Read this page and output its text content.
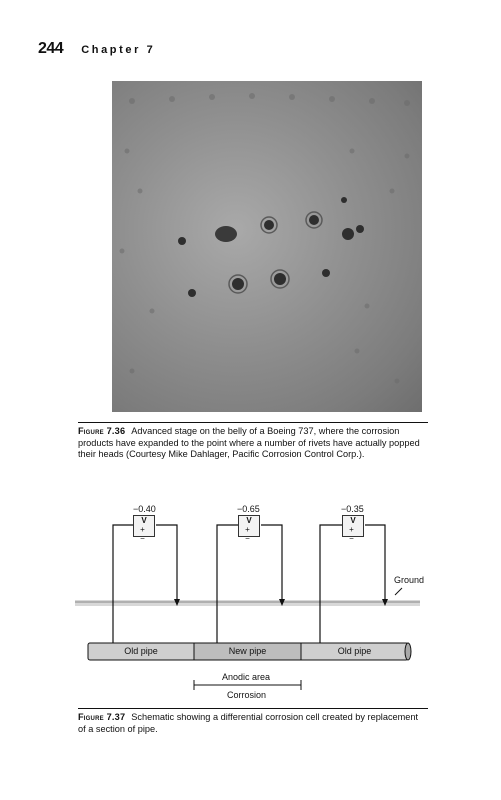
244 Chapter 7
Figure 7.36 Advanced stage on the belly of a Boeing 737, where the corrosion products have expanded to the point where a number of rivets have actually popped their heads (Courtesy Mike Dahlager, Pacific Corrosion Control Corp.).
−0.40	−0.65	−0.35
V
+ −
V
+ −
V
+ −
Ground
Old pipe	New pipe	Old pipe
Anodic area
Corrosion
Figure 7.37 Schematic showing a differential corrosion cell created by replacement of a section of pipe.
